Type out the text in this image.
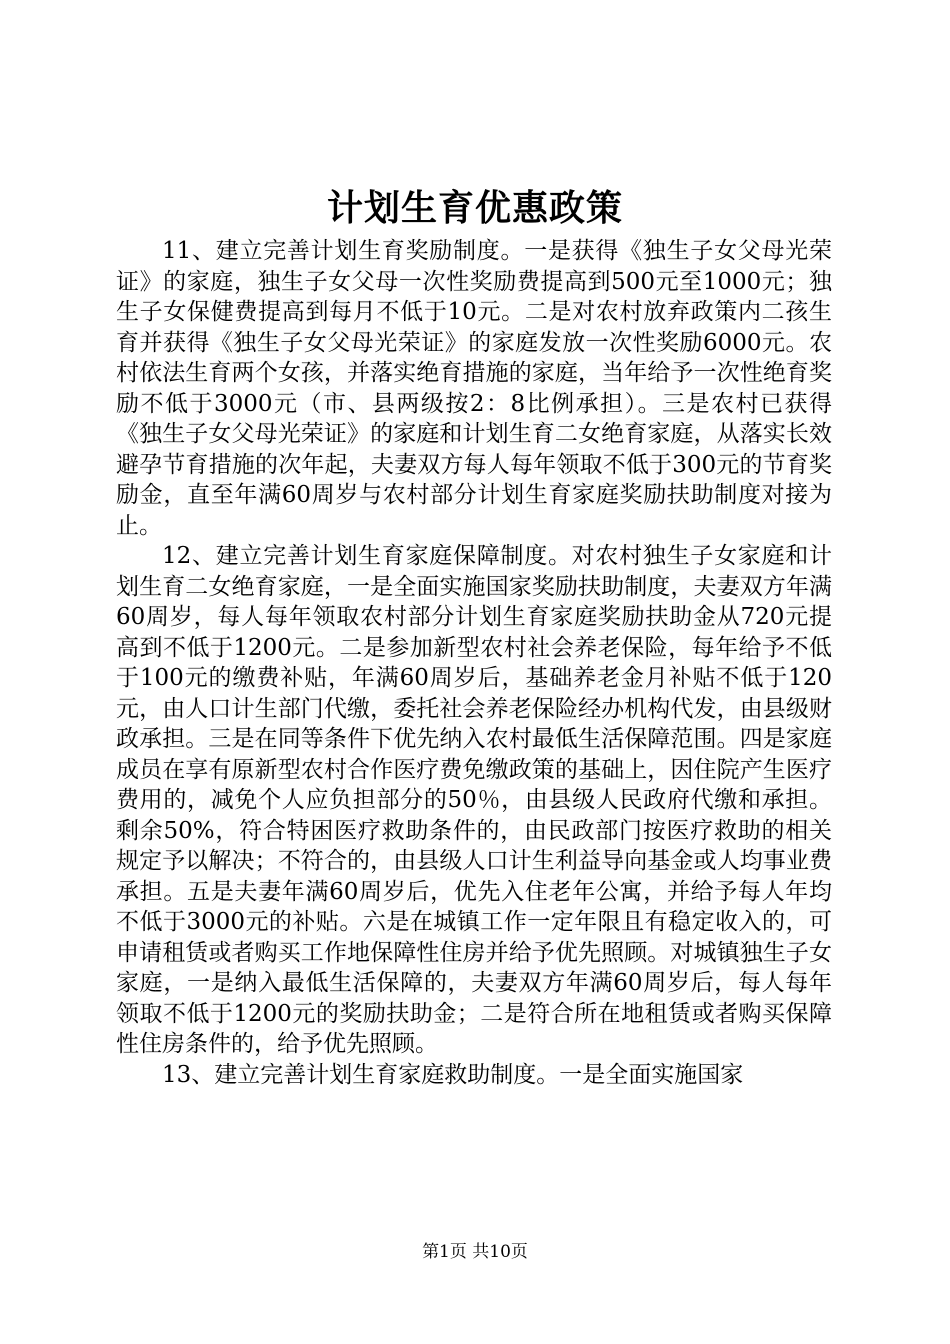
计划生育优惠政策

11、建立完善计划生育奖励制度。一是获得《独生子女父母光荣证》的家庭，独生子女父母一次性奖励费提高到500元至1000元；独生子女保健费提高到每月不低于10元。二是对农村放弃政策内二孩生育并获得《独生子女父母光荣证》的家庭发放一次性奖励6000元。农村依法生育两个女孩，并落实绝育措施的家庭，当年给予一次性绝育奖励不低于3000元（市、县两级按2：8比例承担）。三是农村已获得《独生子女父母光荣证》的家庭和计划生育二女绝育家庭，从落实长效避孕节育措施的次年起，夫妻双方每人每年领取不低于300元的节育奖励金，直至年满60周岁与农村部分计划生育家庭奖励扶助制度对接为止。

12、建立完善计划生育家庭保障制度。对农村独生子女家庭和计划生育二女绝育家庭，一是全面实施国家奖励扶助制度，夫妻双方年满60周岁，每人每年领取农村部分计划生育家庭奖励扶助金从720元提高到不低于1200元。二是参加新型农村社会养老保险，每年给予不低于100元的缴费补贴，年满60周岁后，基础养老金月补贴不低于120元，由人口计生部门代缴，委托社会养老保险经办机构代发，由县级财政承担。三是在同等条件下优先纳入农村最低生活保障范围。四是家庭成员在享有原新型农村合作医疗费免缴政策的基础上，因住院产生医疗费用的，减免个人应负担部分的50％，由县级人民政府代缴和承担。剩余50%，符合特困医疗救助条件的，由民政部门按医疗救助的相关规定予以解决；不符合的，由县级人口计生利益导向基金或人均事业费承担。五是夫妻年满60周岁后，优先入住老年公寓，并给予每人年均不低于3000元的补贴。六是在城镇工作一定年限且有稳定收入的，可申请租赁或者购买工作地保障性住房并给予优先照顾。对城镇独生子女家庭，一是纳入最低生活保障的，夫妻双方年满60周岁后，每人每年领取不低于1200元的奖励扶助金；二是符合所在地租赁或者购买保障性住房条件的，给予优先照顾。

13、建立完善计划生育家庭救助制度。一是全面实施国家

第1页 共10页
